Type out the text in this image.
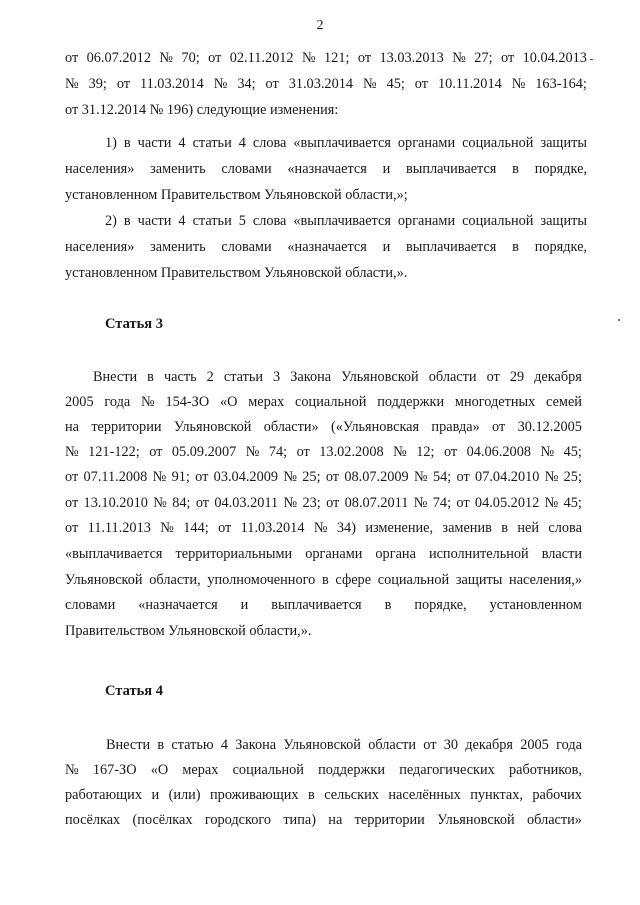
2
от 06.07.2012 № 70; от 02.11.2012 № 121; от 13.03.2013 № 27; от 10.04.2013
№ 39; от 11.03.2014 № 34; от 31.03.2014 № 45; от 10.11.2014 № 163-164;
от 31.12.2014 № 196) следующие изменения:
1) в части 4 статьи 4 слова «выплачивается органами социальной защиты
населения» заменить словами «назначается и выплачивается в порядке,
установленном Правительством Ульяновской области,»;
2) в части 4 статьи 5 слова «выплачивается органами социальной защиты
населения» заменить словами «назначается и выплачивается в порядке,
установленном Правительством Ульяновской области,».
Внести в часть 2 статьи 3 Закона Ульяновской области от 29 декабря
2005 года № 154-ЗО «О мерах социальной поддержки многодетных семей
на территории Ульяновской области» («Ульяновская правда» от 30.12.2005
№ 121-122; от 05.09.2007 № 74; от 13.02.2008 № 12; от 04.06.2008 № 45;
от 07.11.2008 № 91; от 03.04.2009 № 25; от 08.07.2009 № 54; от 07.04.2010 № 25;
от 13.10.2010 № 84; от 04.03.2011 № 23; от 08.07.2011 № 74; от 04.05.2012 № 45;
от 11.11.2013 № 144; от 11.03.2014 № 34) изменение, заменив в ней слова
«выплачивается территориальными органами органа исполнительной власти
Ульяновской области, уполномоченного в сфере социальной защиты населения,»
словами «назначается и выплачивается в порядке, установленном
Правительством Ульяновской области,».
Внести в статью 4 Закона Ульяновской области от 30 декабря 2005 года
№ 167-ЗО «О мерах социальной поддержки педагогических работников,
работающих и (или) проживающих в сельских населённых пунктах, рабочих
посёлках (посёлках городского типа) на территории Ульяновской области»
Статья 3
Статья 4
